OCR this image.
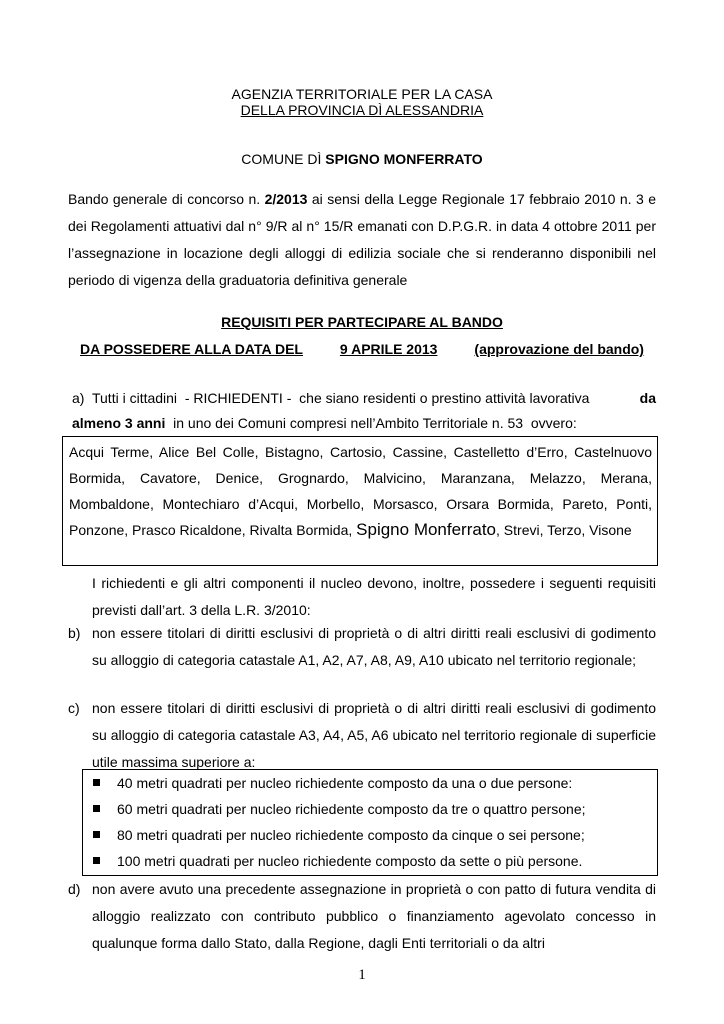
AGENZIA TERRITORIALE PER LA CASA
DELLA PROVINCIA DÌ ALESSANDRIA
COMUNE DÌ SPIGNO MONFERRATO

Bando generale di concorso n. 2/2013 ai sensi della Legge Regionale 17 febbraio 2010 n. 3 e dei Regolamenti attuativi dal n° 9/R al n° 15/R emanati con D.P.G.R. in data 4 ottobre 2011 per l’assegnazione in locazione degli alloggi di edilizia sociale che si renderanno disponibili nel periodo di vigenza della graduatoria definitiva generale

REQUISITI PER PARTECIPARE AL BANDO
DA POSSEDERE ALLA DATA DEL	9 APRILE 2013	(approvazione del bando)

a)  Tutti i cittadini  - RICHIEDENTI -  che siano residenti o prestino attività lavorativa	da

almeno 3 anni  in uno dei Comuni compresi nell’Ambito Territoriale n. 53  ovvero:

Acqui Terme, Alice Bel Colle, Bistagno, Cartosio, Cassine, Castelletto d’Erro, Castelnuovo Bormida, Cavatore, Denice, Grognardo, Malvicino, Maranzana, Melazzo, Merana, Mombaldone, Montechiaro d’Acqui, Morbello, Morsasco, Orsara Bormida, Pareto, Ponti, Ponzone, Prasco Ricaldone, Rivalta Bormida, Spigno Monferrato, Strevi, Terzo, Visone
I richiedenti e gli altri componenti il nucleo devono, inoltre, possedere i seguenti requisiti previsti dall’art. 3 della L.R. 3/2010:
b) non essere titolari di diritti esclusivi di proprietà o di altri diritti reali esclusivi di godimento su alloggio di categoria catastale A1, A2, A7, A8, A9, A10 ubicato nel territorio regionale;
c) non essere titolari di diritti esclusivi di proprietà o di altri diritti reali esclusivi di godimento su alloggio di categoria catastale A3, A4, A5, A6 ubicato nel territorio regionale di superficie utile massima superiore a:
40 metri quadrati per nucleo richiedente composto da una o due persone:
60 metri quadrati per nucleo richiedente composto da tre o quattro persone;
80 metri quadrati per nucleo richiedente composto da cinque o sei persone;
100 metri quadrati per nucleo richiedente composto da sette o più persone.
d) non avere avuto una precedente assegnazione in proprietà o con patto di futura vendita di alloggio realizzato con contributo pubblico o finanziamento agevolato concesso in qualunque forma dallo Stato, dalla Regione, dagli Enti territoriali o da altri
1
